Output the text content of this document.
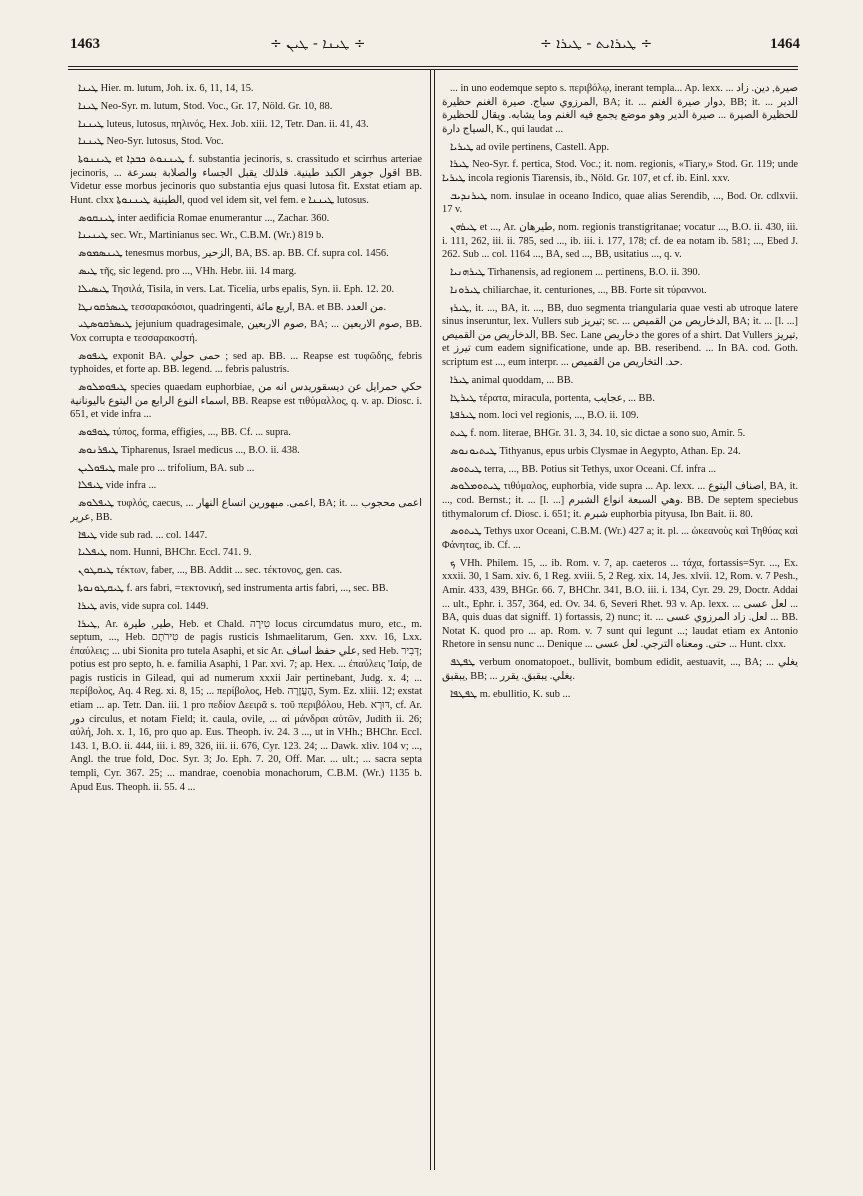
1463	÷ ܛܝܢܐ - ܛܝܢ ÷	÷ ܛܝܪܐܝܬ - ܛܝܪܐ ÷	1464

ܛܝܢܐ Hier. m. lutum, Joh. ix. 6, 11, 14, 15.

ܛܝܢܐ Neo-Syr. m. lutum, Stod. Voc., Gr. 17, Nöld. Gr. 10, 88.

ܛܝܢܢܐ luteus, lutosus, πηλινός, Hex. Job. xiii. 12, Tetr. Dan. ii. 41, 43.

ܛܝܢܢܐ Neo-Syr. lutosus, Stod. Voc.

ܛܝܢܢܘܬܐ et ܛܝܢܢܘܬ ܟܒܕܐ f. substantia jecinoris, s. crassitudo et scirrhus arteriae jecinoris, ... اقول جوهر الكبد طينية. فلذلك يقبل الجساء والصلابة بسرعة BB. Videtur esse morbus jecinoris quo substantia ejus quasi lutosa fit. Exstat etiam ap. Hunt. clxx الطينية ܛܝܢܢܘܬܐ, quod vel idem sit, vel fem. e ܛܝܢܢܐ lutosus.

ܛܝܢܩܘܣ inter aedificia Romae enumerantur ..., Zachar. 360.

ܛܝܢܝܢܐ sec. Wr., Martinianus sec. Wr., C.B.M. (Wr.) 819 b.

ܛܝܢܣܡܘܣ tenesmus morbus, الزحير, BA, BS. ap. BB. Cf. supra col. 1456.

ܛܝܣ τῆς, sic legend. pro ..., VHh. Hebr. iii. 14 marg.

ܛܝܣܝܠܐ Τησιλά, Tisila, in vers. Lat. Ticelia, urbs epalis, Syn. ii. Eph. 12. 20.

ܛܝܣܪܩܘܢܛܐ τεσσαρακόσιοι, quadringenti, اربع مائة, BA. et BB. من العدد.

ܛܝܣܪܩܘܣܛܝ jejunium quadragesimale, صوم الاربعين, BA; ... صوم الاربعين, BB. Vox corrupta e τεσσαρακοστή.

ܛܝܦܘܣ exponit BA. حمى حولي ; sed ap. BB. ... Reapse est τυφῶδης, febris typhoides, et forte ap. BB. legend. ... febris palustris.

ܛܝܦܘܡܠܘܣ species quaedam euphorbiae, حكي حمرايل عن ديسقوريدس انه من اسماء النوع الرابع من اليتوع باليونانية, BB. Reapse est τιθύμαλλος, q. v. ap. Diosc. i. 651, et vide infra ...

ܛܘܦܘܣ τύπος, forma, effigies, ..., BB. Cf. ... supra.

ܛܝܦܪܢܘܣ Tipharenus, Israel medicus ..., B.O. ii. 438.

ܛܝܦܘܠܝܢ male pro ... trifolium, BA. sub ...

ܛܝܦܠܐ vide infra ...

ܛܝܦܠܘܣ τυφλός, caecus, ... اعمى. مبهورين اتساع النهار, BA; it. ... اعمى محجوب عرير, BB.

ܛܝܦܐ vide sub rad. ... col. 1447.

ܛܝܦܠܝܐ nom. Hunni, BHChr. Eccl. 741. 9.

ܛܝܩܛܘܢ τέκτων, faber, ..., BB. Addit ... sec. τέκτονος, gen. cas.

ܛܝܩܛܘܢܘܬܐ f. ars fabri, =τεκτονική, sed instrumenta artis fabri, ..., sec. BB.

ܛܝܪܐ avis, vide supra col. 1449.

ܛܝܪܐ, Ar. طير, طيرة, Heb. et Chald. טִירָה locus circumdatus muro, etc., m. septum, ..., Heb. טִירֹתָם de pagis rusticis Ishmaelitarum, Gen. xxv. 16, Lxx. ἐπαύλεις; ... ubi Sionita pro tutela Asaphi, et sic Ar. علي حفظ اساف, sed Heb. דְּבִיר; potius est pro septo, h. e. familia Asaphi, 1 Par. xvi. 7; ap. Hex. ... ἐπαύλεις 'Ιαίρ, de pagis rusticis in Gilead, qui ad numerum xxxii Jair pertinebant, Judg. x. 4; ... περίβολος, Aq. 4 Reg. xi. 8, 15; ... περίβολος, Heb. הָעֲזָרָה, Sym. Ez. xliii. 12; exstat etiam ... ap. Tetr. Dan. iii. 1 pro πεδίον Δεειρᾶ s. τοῦ περιβόλου, Heb. דּוּרָא, cf. Ar. دور circulus, et notam Field; it. caula, ovile, ... αἱ μάνδραι αὐτῶν, Judith ii. 26; αὐλή, Joh. x. 1, 16, pro quo ap. Eus. Theoph. iv. 24. 3 ..., ut in VHh.; BHChr. Eccl. 143. 1, B.O. ii. 444, iii. i. 89, 326, iii. ii. 676, Cyr. 123. 24; ... Dawk. xliv. 104 v; ..., Angl. the true fold, Doc. Syr. 3; Jo. Eph. 7. 20, Off. Mar. ... ult.; ... sacra septa templi, Cyr. 367. 25; ... mandrae, coenobia monachorum, C.B.M. (Wr.) 1135 b. Apud Eus. Theoph. ii. 55. 4 ...

... in uno eodemque septo s. περιβόλῳ, inerant templa... Ap. lexx. ... صيرة, دين. زاد المرزوي سياج. صيرة الغنم حظيرة, BA; it. ... دوار صيرة الغنم, BB; it. ... الدير للحظيرة الصيرة ... صيرة الدير وهو موضع يجمع فيه الغنم وما يشابه. ويقال للحظيرة السياج دارة, K., qui laudat ...

ܛܝܪܝܐ ad ovile pertinens, Castell. App.

ܛܝܪܐ Neo-Syr. f. pertica, Stod. Voc.; it. nom. regionis, «Tiary,» Stod. Gr. 119; unde ܛܝܪܝܐ incola regionis Tiarensis, ib., Nöld. Gr. 107, et cf. ib. Einl. xxv.

ܛܝܪܢܕܝܒ nom. insulae in oceano Indico, quae alias Serendib, ..., Bod. Or. cdlxvii. 17 v.

ܛܝܪܗܢ et ..., Ar. طيرهان, nom. regionis transtigritanae; vocatur ..., B.O. ii. 430, iii. i. 111, 262, iii. ii. 785, sed ..., ib. iii. i. 177, 178; cf. de ea notam ib. 581; ..., Ebed J. 262. Sub ... col. 1164 ..., BA, sed ..., BB, usitatius ..., q. v.

ܛܝܪܗܢܝܐ Tirhanensis, ad regionem ... pertinens, B.O. ii. 390.

ܛܝܪܘܢܐ chiliarchae, it. centuriones, ..., BB. Forte sit τύραννοι.

ܛܝܪܙ, it. ..., BA, it. ..., BB, duo segmenta triangularia quae vesti ab utroque latere sinus inseruntur, lex. Vullers sub تيريز; sc. ... الدخاريص من القميص, BA; it. ... [l. ...] الدخاريص من القميص, BB. Sec. Lane دخاريص the gores of a shirt. Dat Vullers تيريز, et تيرز cum eadem significatione, unde ap. BB. reseribend. ... In BA. cod. Goth. scriptum est ..., eum interpr. ... حد. التخاريص من القميص.

ܛܝܪܐ animal quoddam, ... BB.

ܛܝܪܛܐ τέρατα, miracula, portenta, عجايب, ... BB.

ܛܝܪܦܬܐ nom. loci vel regionis, ..., B.O. ii. 109.

ܛܝܬ f. nom. literae, BHGr. 31. 3, 34. 10, sic dictae a sono suo, Amir. 5.

ܛܝܬܝܘܢܘܣ Tithyanus, epus urbis Clysmae in Aegypto, Athan. Ep. 24.

ܛܝܬܘܣ terra, ..., BB. Potius sit Tethys, uxor Oceani. Cf. infra ...

ܛܝܬܘܡܠܘܣ τιθύμαλος, euphorbia, vide supra ... Ap. lexx. ... اصناف اليتوع, BA, it. ..., cod. Bernst.; it. ... [l. ...] وهي السبعة انواع الشبرم. BB. De septem speciebus tithymalorum cf. Diosc. i. 651; it. شبرم euphorbia pityusa, Ibn Bait. ii. 80.

ܛܝܬܘܣ Tethys uxor Oceani, C.B.M. (Wr.) 427 a; it. pl. ... ὠκεανοὺς καὶ Τηθύας καὶ Φάνητας, ib. Cf. ...

ܟ VHh. Philem. 15, ... ib. Rom. v. 7, ap. caeteros ... τάχα, fortassis=Syr. ..., Ex. xxxii. 30, 1 Sam. xiv. 6, 1 Reg. xviii. 5, 2 Reg. xix. 14, Jes. xlvii. 12, Rom. v. 7 Pesh., Amir. 433, 439, BHGr. 66. 7, BHChr. 341, B.O. iii. i. 134, Cyr. 29. 29, Doctr. Addai ... ult., Ephr. i. 357, 364, ed. Ov. 34. 6, Severi Rhet. 93 v. Ap. lexx. ... لعل عسى ... BA, quis duas dat signiff. 1) fortassis, 2) nunc; it. ... لعل. زاد المرزوي عسى ... BB. Notat K. quod pro ... ap. Rom. v. 7 sunt qui legunt ...; laudat etiam ex Antonio Rhetore in sensu nunc ... Denique ... حتى. ومعناه الترجي. لعل عسى ... Hunt. clxx.

ܛܦܛܦ verbum onomatopoet., bullivit, bombum edidit, aestuavit, ..., BA; ... يغلي يبقبق, BB; ... يغلي. يبقبق. يقرر.

ܛܦܛܦܐ m. ebullitio, K. sub ...
